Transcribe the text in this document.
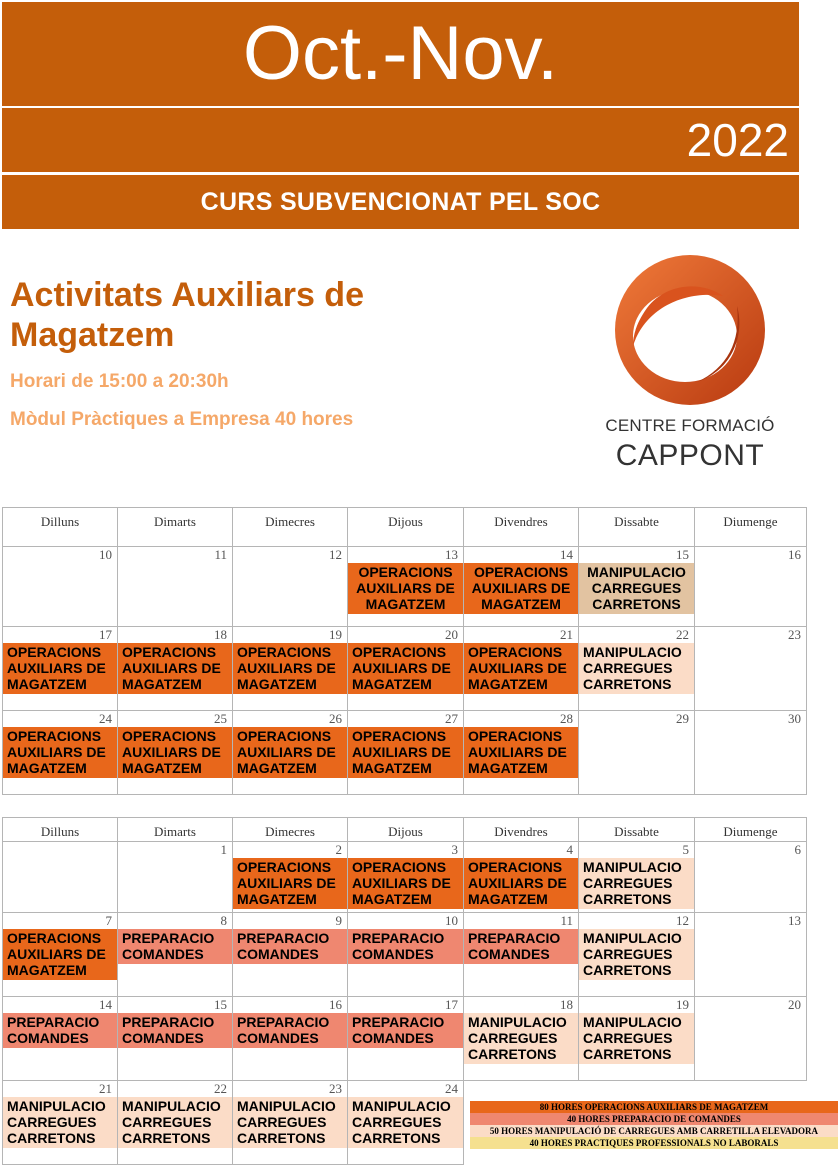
Oct.-Nov.
2022
CURS SUBVENCIONAT PEL SOC
Activitats Auxiliars de Magatzem
Horari de 15:00 a 20:30h
Mòdul Pràctiques a Empresa 40 hores	CENTRE FORMACIÓ
CAPPONT
Dilluns	Dimarts	Dimecres	Dijous	Divendres	Dissabte	Diumenge

10	11	12	13
OPERACIONS
AUXILIARS DE
MAGATZEM	14
OPERACIONS
AUXILIARS DE
MAGATZEM	15
MANIPULACIO
CARREGUES
CARRETONS	16

17
OPERACIONS
AUXILIARS DE
MAGATZEM	18
OPERACIONS
AUXILIARS DE
MAGATZEM	19
OPERACIONS
AUXILIARS DE
MAGATZEM	20
OPERACIONS
AUXILIARS DE
MAGATZEM	21
OPERACIONS
AUXILIARS DE
MAGATZEM	22
MANIPULACIO
CARREGUES
CARRETONS	23

24
OPERACIONS
AUXILIARS DE
MAGATZEM	25
OPERACIONS
AUXILIARS DE
MAGATZEM	26
OPERACIONS
AUXILIARS DE
MAGATZEM	27
OPERACIONS
AUXILIARS DE
MAGATZEM	28
OPERACIONS
AUXILIARS DE
MAGATZEM	29	30
Dilluns	Dimarts	Dimecres	Dijous	Divendres	Dissabte	Diumenge

	1	2
OPERACIONS
AUXILIARS DE
MAGATZEM	3
OPERACIONS
AUXILIARS DE
MAGATZEM	4
OPERACIONS
AUXILIARS DE
MAGATZEM	5
MANIPULACIO
CARREGUES
CARRETONS	6

7
OPERACIONS
AUXILIARS DE
MAGATZEM	8
PREPARACIO
COMANDES	9
PREPARACIO
COMANDES	10
PREPARACIO
COMANDES	11
PREPARACIO
COMANDES	12
MANIPULACIO
CARREGUES
CARRETONS	13

14
PREPARACIO
COMANDES	15
PREPARACIO
COMANDES	16
PREPARACIO
COMANDES	17
PREPARACIO
COMANDES	18
MANIPULACIO
CARREGUES
CARRETONS	19
MANIPULACIO
CARREGUES
CARRETONS	20

21
MANIPULACIO
CARREGUES
CARRETONS	22
MANIPULACIO
CARREGUES
CARRETONS	23
MANIPULACIO
CARREGUES
CARRETONS	24
MANIPULACIO
CARREGUES
CARRETONS			

80 HORES OPERACIONS AUXILIARS DE MAGATZEM
40 HORES PREPARACIO DE COMANDES
50 HORES MANIPULACIÓ DE CARREGUES AMB CARRETILLA ELEVADORA
40 HORES PRACTIQUES PROFESSIONALS NO LABORALS
